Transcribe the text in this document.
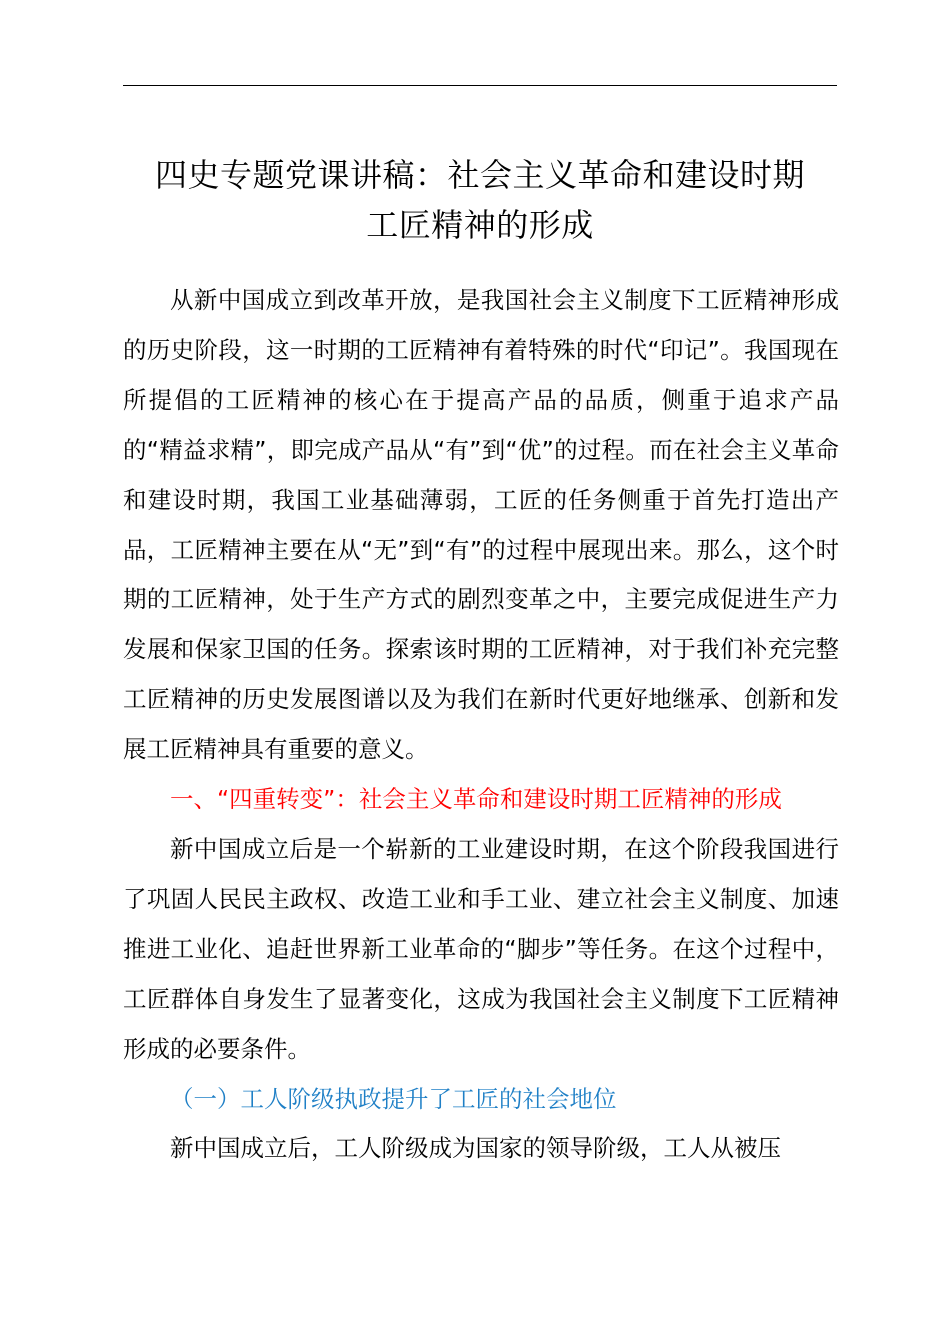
四史专题党课讲稿：社会主义革命和建设时期
工匠精神的形成

从新中国成立到改革开放，是我国社会主义制度下工匠精神形成的历史阶段，这一时期的工匠精神有着特殊的时代“印记”。我国现在所提倡的工匠精神的核心在于提高产品的品质，侧重于追求产品的“精益求精”，即完成产品从“有”到“优”的过程。而在社会主义革命和建设时期，我国工业基础薄弱，工匠的任务侧重于首先打造出产品，工匠精神主要在从“无”到“有”的过程中展现出来。那么，这个时期的工匠精神，处于生产方式的剧烈变革之中，主要完成促进生产力发展和保家卫国的任务。探索该时期的工匠精神，对于我们补充完整工匠精神的历史发展图谱以及为我们在新时代更好地继承、创新和发展工匠精神具有重要的意义。

一、“四重转变”：社会主义革命和建设时期工匠精神的形成

新中国成立后是一个崭新的工业建设时期，在这个阶段我国进行了巩固人民民主政权、改造工业和手工业、建立社会主义制度、加速推进工业化、追赶世界新工业革命的“脚步”等任务。在这个过程中，工匠群体自身发生了显著变化，这成为我国社会主义制度下工匠精神形成的必要条件。

（一）工人阶级执政提升了工匠的社会地位

新中国成立后，工人阶级成为国家的领导阶级，工人从被压
